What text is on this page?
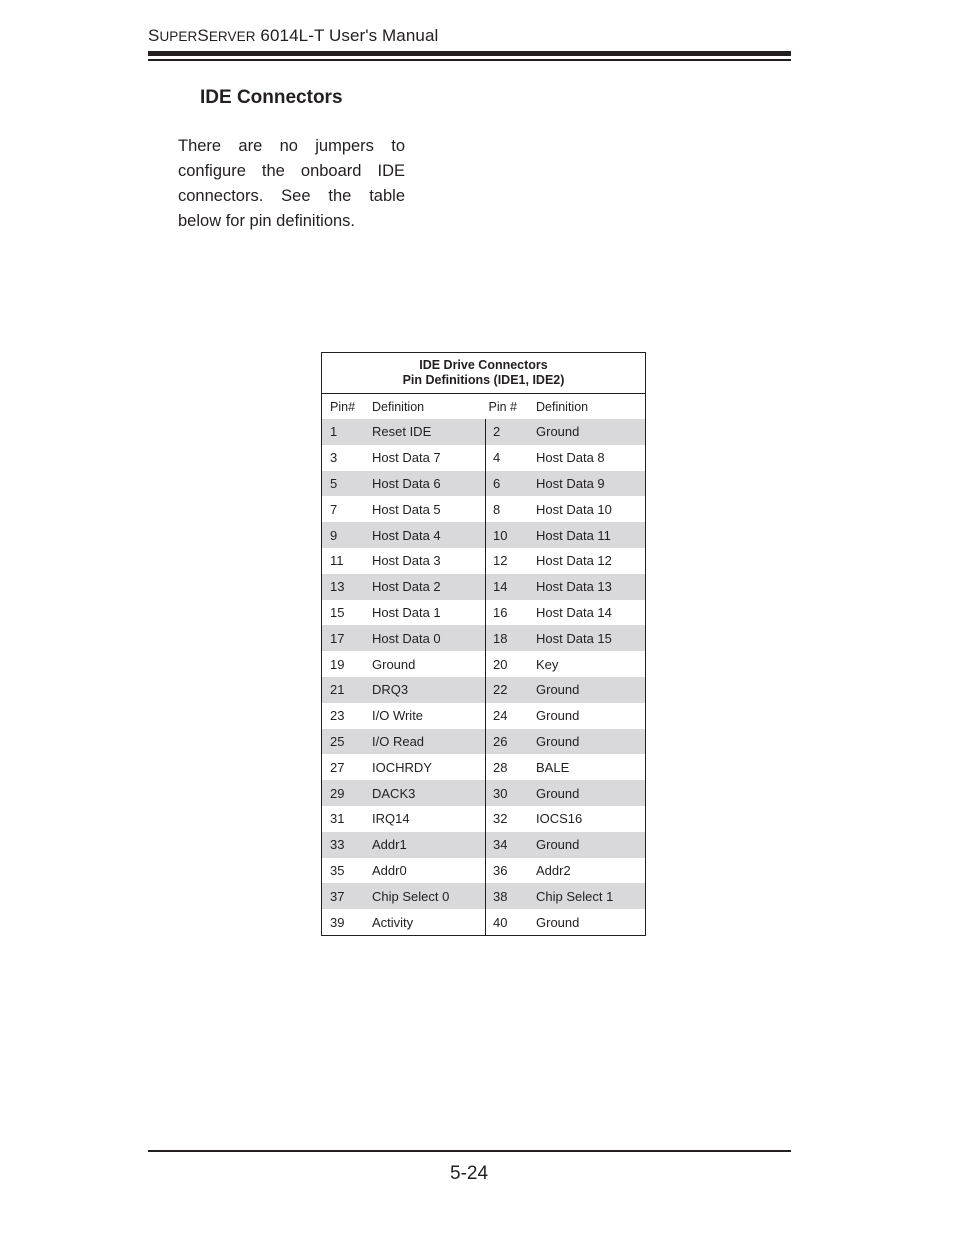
SUPERSERVER 6014L-T User's Manual
IDE Connectors

There are no jumpers to configure the onboard IDE connectors. See the table below for pin definitions.

IDE Drive Connectors
Pin Definitions (IDE1, IDE2)			

Pin#	Definition	Pin #	Definition
1	Reset IDE	2	Ground
3	Host Data 7	4	Host Data 8
5	Host Data 6	6	Host Data 9
7	Host Data 5	8	Host Data 10
9	Host Data 4	10	Host Data 11
11	Host Data 3	12	Host Data 12
13	Host Data 2	14	Host Data 13
15	Host Data 1	16	Host Data 14
17	Host Data 0	18	Host Data 15
19	Ground	20	Key
21	DRQ3	22	Ground
23	I/O Write	24	Ground
25	I/O Read	26	Ground
27	IOCHRDY	28	BALE
29	DACK3	30	Ground
31	IRQ14	32	IOCS16
33	Addr1	34	Ground
35	Addr0	36	Addr2
37	Chip Select 0	38	Chip Select 1
39	Activity	40	Ground
5-24
